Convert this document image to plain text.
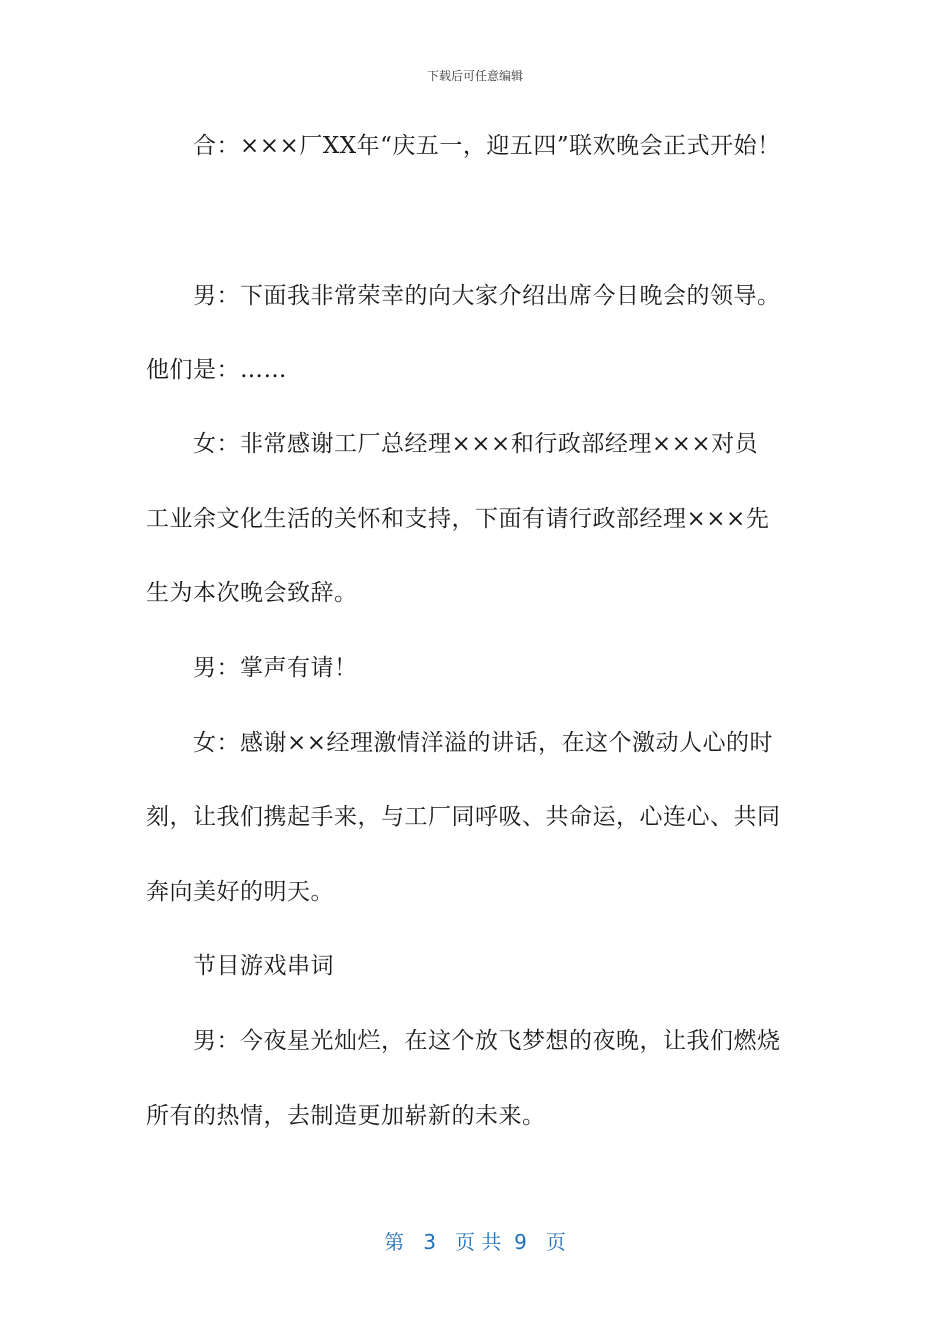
下载后可任意编辑
合：×××厂XX年“庆五一，迎五四”联欢晚会正式开始！
男：下面我非常荣幸的向大家介绍出席今日晚会的领导。
他们是：……
女：非常感谢工厂总经理×××和行政部经理×××对员
工业余文化生活的关怀和支持，下面有请行政部经理×××先
生为本次晚会致辞。
男：掌声有请！
女：感谢××经理激情洋溢的讲话，在这个激动人心的时
刻，让我们携起手来，与工厂同呼吸、共命运，心连心、共同
奔向美好的明天。
节目游戏串词
男：今夜星光灿烂，在这个放飞梦想的夜晚，让我们燃烧
所有的热情，去制造更加崭新的未来。
第 3 页 共 9 页
